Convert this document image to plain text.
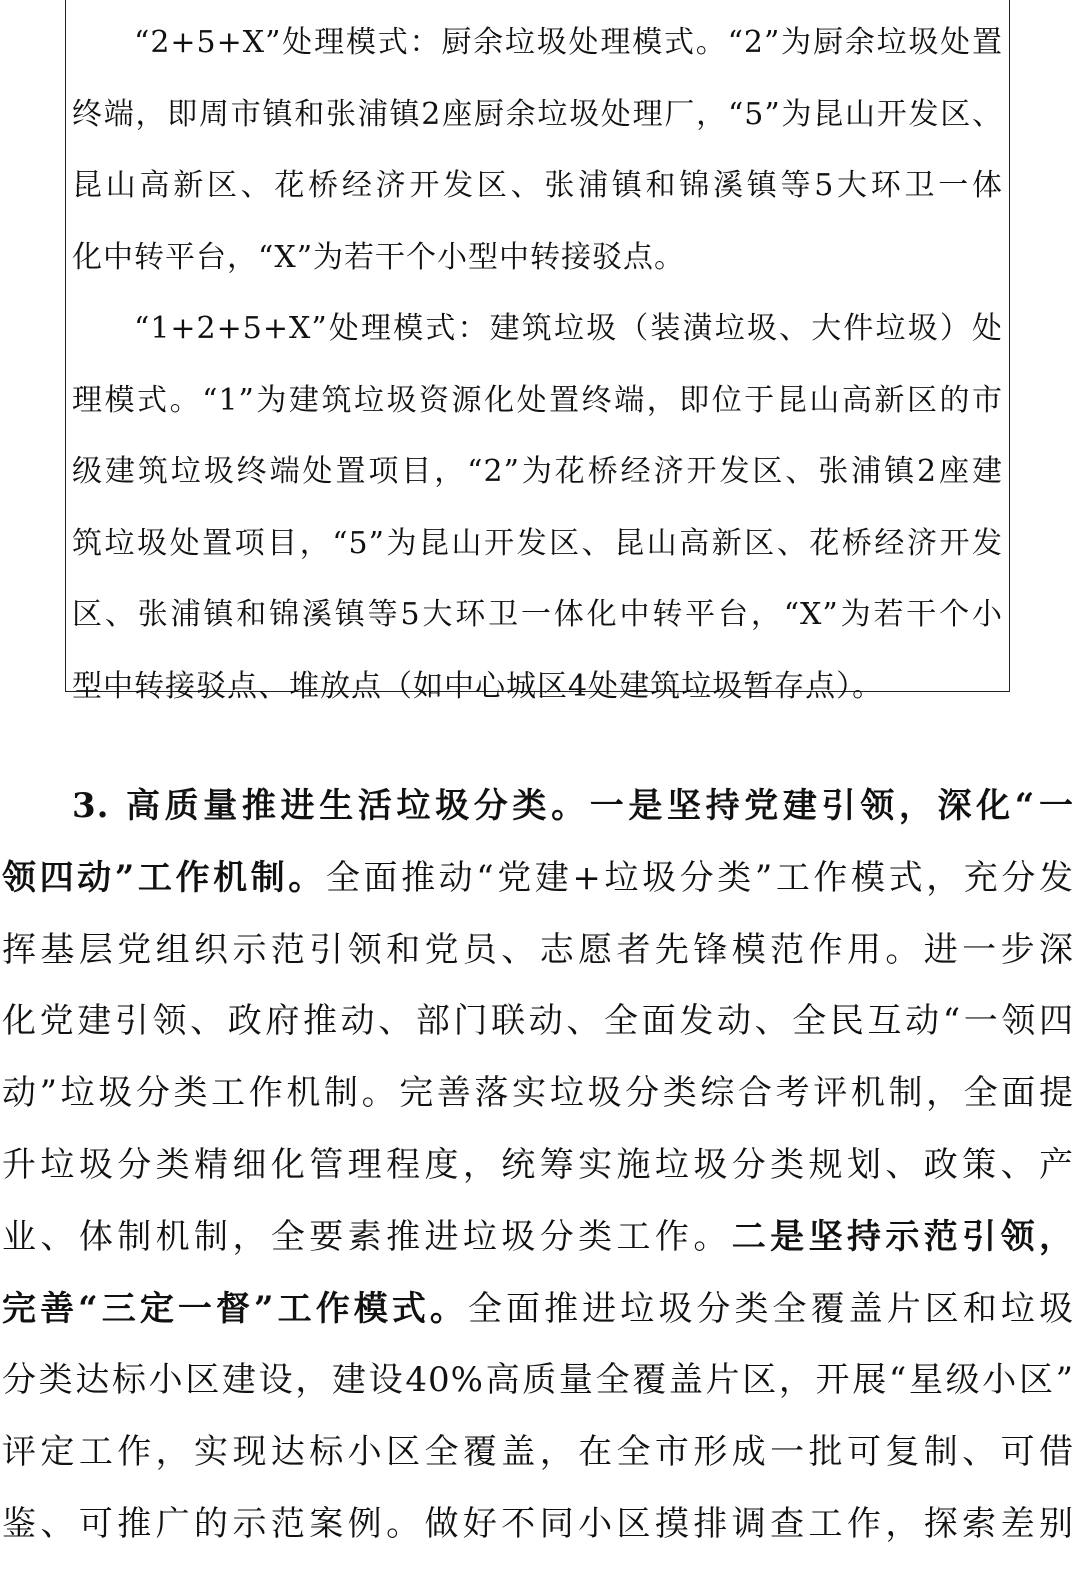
“2+5+X”处理模式：厨余垃圾处理模式。“2”为厨余垃圾处置

终端，即周市镇和张浦镇2座厨余垃圾处理厂，“5”为昆山开发区、

昆山高新区、花桥经济开发区、张浦镇和锦溪镇等5大环卫一体

化中转平台，“X”为若干个小型中转接驳点。

“1+2+5+X”处理模式：建筑垃圾（装潢垃圾、大件垃圾）处

理模式。“1”为建筑垃圾资源化处置终端，即位于昆山高新区的市

级建筑垃圾终端处置项目，“2”为花桥经济开发区、张浦镇2座建

筑垃圾处置项目，“5”为昆山开发区、昆山高新区、花桥经济开发

区、张浦镇和锦溪镇等5大环卫一体化中转平台，“X”为若干个小

型中转接驳点、堆放点（如中心城区4处建筑垃圾暂存点）。

3. 高质量推进生活垃圾分类。一是坚持党建引领，深化“一

领四动”工作机制。全面推动“党建+垃圾分类”工作模式，充分发

挥基层党组织示范引领和党员、志愿者先锋模范作用。进一步深

化党建引领、政府推动、部门联动、全面发动、全民互动“一领四

动”垃圾分类工作机制。完善落实垃圾分类综合考评机制，全面提

升垃圾分类精细化管理程度，统筹实施垃圾分类规划、政策、产

业、体制机制，全要素推进垃圾分类工作。二是坚持示范引领，

完善“三定一督”工作模式。全面推进垃圾分类全覆盖片区和垃圾

分类达标小区建设，建设40%高质量全覆盖片区，开展“星级小区”

评定工作，实现达标小区全覆盖，在全市形成一批可复制、可借

鉴、可推广的示范案例。做好不同小区摸排调查工作，探索差别
